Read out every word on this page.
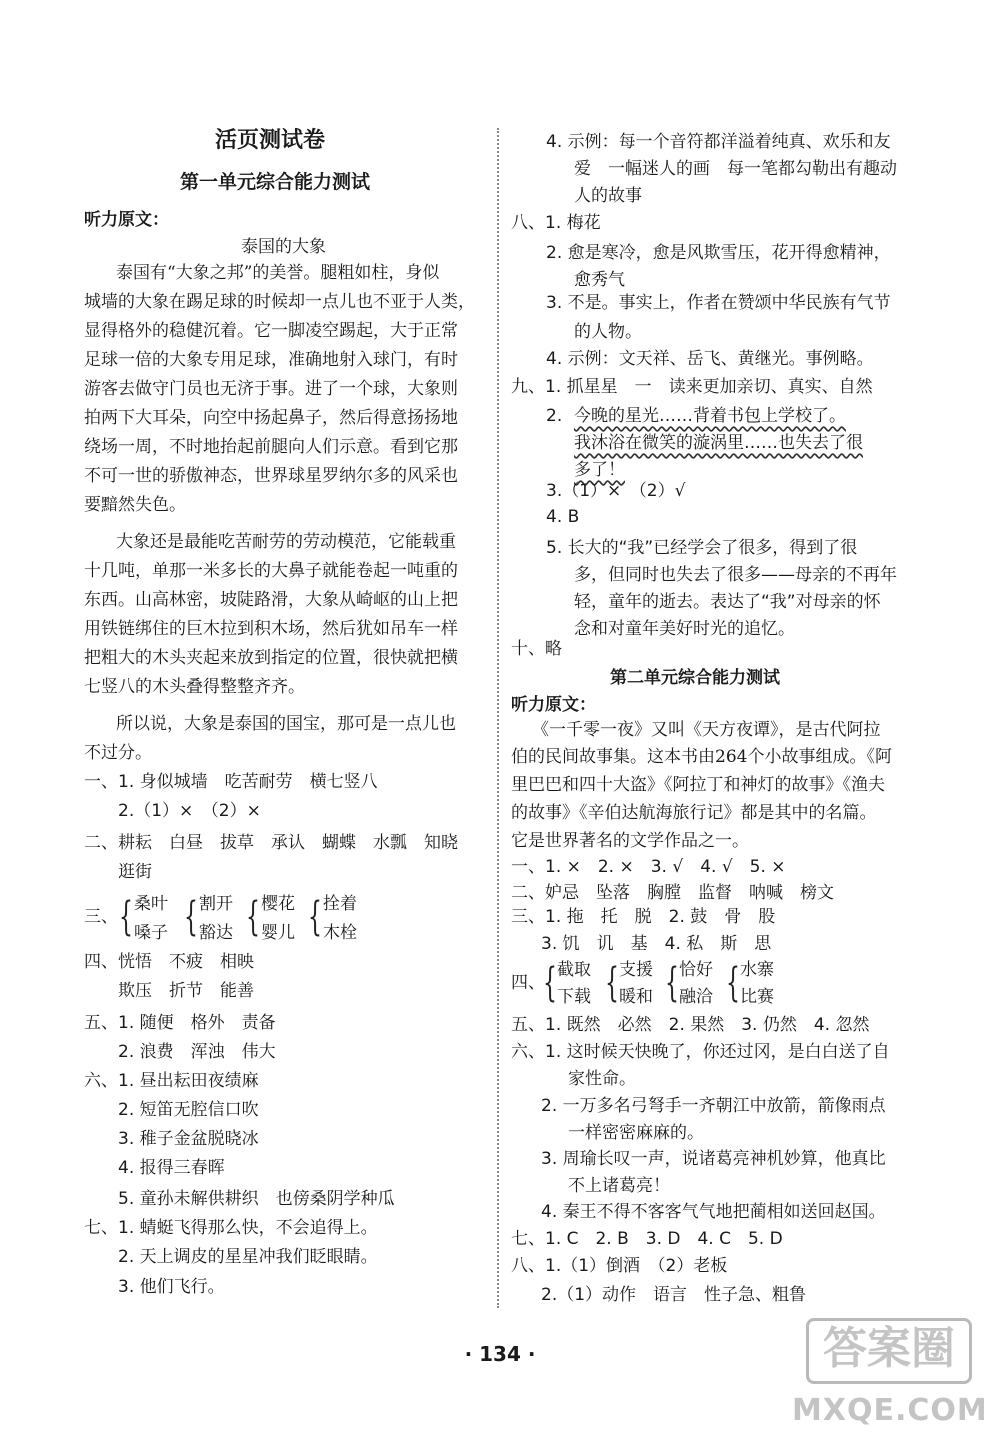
活页测试卷
第一单元综合能力测试
听力原文：
泰国的大象
泰国有“大象之邦”的美誉。腿粗如柱，身似
城墙的大象在踢足球的时候却一点儿也不亚于人类，
显得格外的稳健沉着。它一脚凌空踢起，大于正常
足球一倍的大象专用足球，准确地射入球门，有时
游客去做守门员也无济于事。进了一个球，大象则
拍两下大耳朵，向空中扬起鼻子，然后得意扬扬地
绕场一周，不时地抬起前腿向人们示意。看到它那
不可一世的骄傲神态，世界球星罗纳尔多的风采也
要黯然失色。
大象还是最能吃苦耐劳的劳动模范，它能载重
十几吨，单那一米多长的大鼻子就能卷起一吨重的
东西。山高林密，坡陡路滑，大象从崎岖的山上把
用铁链绑住的巨木拉到积木场，然后犹如吊车一样
把粗大的木头夹起来放到指定的位置，很快就把横
七竖八的木头叠得整整齐齐。
所以说，大象是泰国的国宝，那可是一点儿也
不过分。
一、1. 身似城墙　吃苦耐劳　横七竖八
2.（1）×　（2）×
二、耕耘　白昼　拔草　承认　蝴蝶　水瓢　知晓
逛街
三、 { 桑叶
嗓子 { 割开
豁达 { 樱花
婴儿 { 拴着
木栓
四、恍悟　不疲　相映
欺压　折节　能善
五、1. 随便　格外　责备
2. 浪费　浑浊　伟大
六、1. 昼出耘田夜绩麻
2. 短笛无腔信口吹
3. 稚子金盆脱晓冰
4. 报得三春晖
5. 童孙未解供耕织　也傍桑阴学种瓜
七、1. 蜻蜓飞得那么快，不会追得上。
2. 天上调皮的星星冲我们眨眼睛。
3. 他们飞行。
4. 示例：每一个音符都洋溢着纯真、欢乐和友
爱　一幅迷人的画　每一笔都勾勒出有趣动
人的故事
八、1. 梅花
2. 愈是寒冷，愈是风欺雪压，花开得愈精神，
愈秀气
3. 不是。事实上，作者在赞颂中华民族有气节
的人物。
4. 示例：文天祥、岳飞、黄继光。事例略。
九、1. 抓星星　一　读来更加亲切、真实、自然
2. 今晚的星光……背着书包上学校了。
我沐浴在微笑的漩涡里……也失去了很
多了！
3.（1）×　（2）√
4. B
5. 长大的“我”已经学会了很多，得到了很
多，但同时也失去了很多——母亲的不再年
轻，童年的逝去。表达了“我”对母亲的怀
念和对童年美好时光的追忆。
十、略
第二单元综合能力测试
听力原文：
《一千零一夜》又叫《天方夜谭》，是古代阿拉
伯的民间故事集。这本书由264个小故事组成。《阿
里巴巴和四十大盗》《阿拉丁和神灯的故事》《渔夫
的故事》《辛伯达航海旅行记》都是其中的名篇。
它是世界著名的文学作品之一。
一、1. ×　2. ×　3. √　4. √　5. ×
二、妒忌　坠落　胸膛　监督　呐喊　榜文
三、1. 拖　托　脱　2. 鼓　骨　股
3. 饥　讥　基　4. 私　斯　思
四、
{ 截取
下载 { 支援
暖和 { 恰好
融洽 { 水寨
比赛
五、1. 既然　必然　2. 果然　3. 仍然　4. 忽然
六、1. 这时候天快晚了，你还过冈，是白白送了自
家性命。
2. 一万多名弓弩手一齐朝江中放箭，箭像雨点
一样密密麻麻的。
3. 周瑜长叹一声，说诸葛亮神机妙算，他真比
不上诸葛亮！
4. 秦王不得不客客气气地把蔺相如送回赵国。
七、1. C　2. B　3. D　4. C　5. D
八、1.（1）倒酒　（2）老板
2.（1）动作　语言　性子急、粗鲁
· 134 ·	答案圈
MXQE.COM
